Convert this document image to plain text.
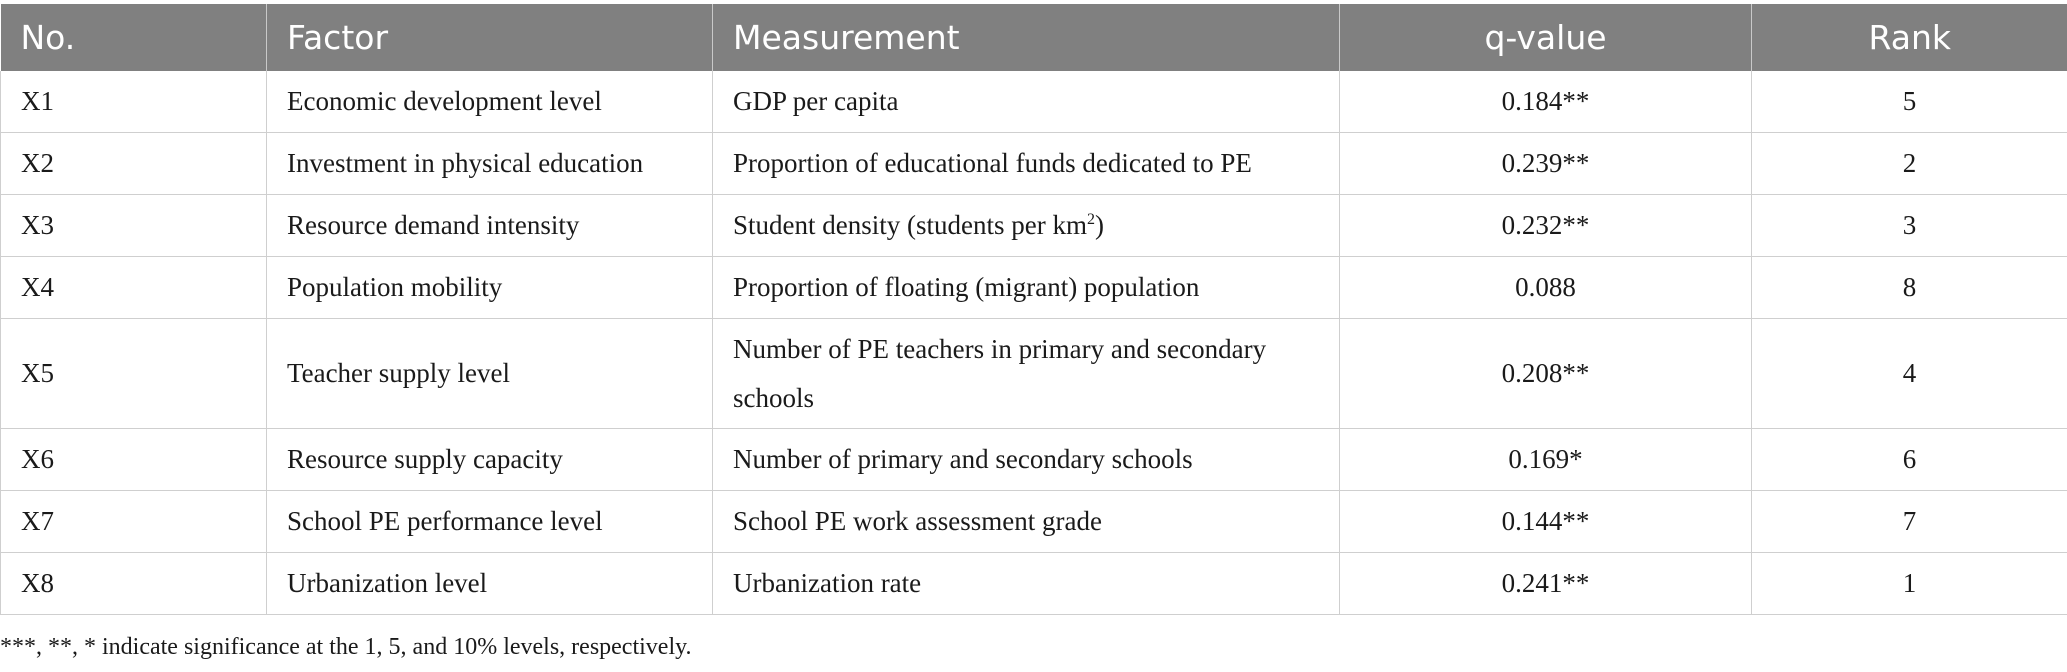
No.	Factor	Measurement	q-value	Rank
X1	Economic development level	GDP per capita	0.184**	5
X2	Investment in physical education	Proportion of educational funds dedicated to PE	0.239**	2
X3	Resource demand intensity	Student density (students per $km^2$)	0.232**	3
X4	Population mobility	Proportion of floating (migrant) population	0.088	8
X5	Teacher supply level	Number of PE teachers in primary and secondary schools	0.208**	4
X6	Resource supply capacity	Number of primary and secondary schools	0.169*	6
X7	School PE performance level	School PE work assessment grade	0.144**	7
X8	Urbanization level	Urbanization rate	0.241**	1
***, **, * indicate significance at the 1, 5, and 10% levels, respectively.
